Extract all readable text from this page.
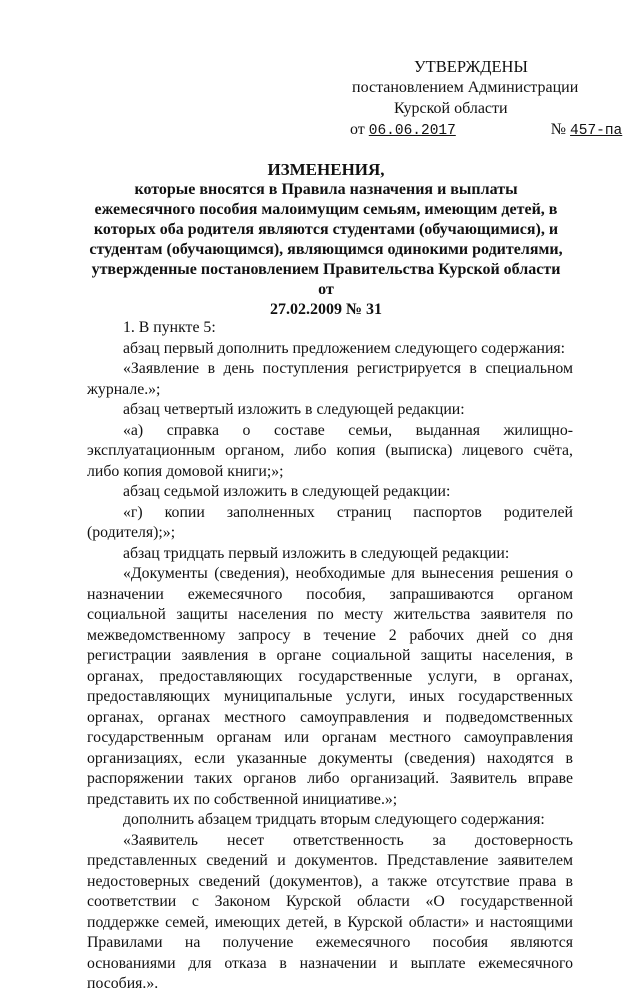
УТВЕРЖДЕНЫ
постановлением Администрации
Курской области
от 06.06.2017	№ 457-па
ИЗМЕНЕНИЯ,
которые вносятся в Правила назначения и выплаты
ежемесячного пособия малоимущим семьям, имеющим детей, в
которых оба родителя являются студентами (обучающимися), и
студентам (обучающимся), являющимся одинокими родителями,
утвержденные постановлением Правительства Курской области от
27.02.2009 № 31

1. В пункте 5:

абзац первый дополнить предложением следующего содержания:

«Заявление в день поступления регистрируется в специальном журнале.»;

абзац четвертый изложить в следующей редакции:

«а) справка о составе семьи, выданная жилищно-эксплуатационным органом, либо копия (выписка) лицевого счёта, либо копия домовой книги;»;

абзац седьмой изложить в следующей редакции:

«г) копии заполненных страниц паспортов родителей (родителя);»;

абзац тридцать первый изложить в следующей редакции:

«Документы (сведения), необходимые для вынесения решения о назначении ежемесячного пособия, запрашиваются органом социальной защиты населения по месту жительства заявителя по межведомственному запросу в течение 2 рабочих дней со дня регистрации заявления в органе социальной защиты населения, в органах, предоставляющих государственные услуги, в органах, предоставляющих муниципальные услуги, иных государственных органах, органах местного самоуправления и подведомственных государственным органам или органам местного самоуправления организациях, если указанные документы (сведения) находятся в распоряжении таких органов либо организаций. Заявитель вправе представить их по собственной инициативе.»;

дополнить абзацем тридцать вторым следующего содержания:

«Заявитель несет ответственность за достоверность представленных сведений и документов. Представление заявителем недостоверных сведений (документов), а также отсутствие права в соответствии с Законом Курской области «О государственной поддержке семей, имеющих детей, в Курской области» и настоящими Правилами на получение ежемесячного пособия являются основаниями для отказа в назначении и выплате ежемесячного пособия.».
